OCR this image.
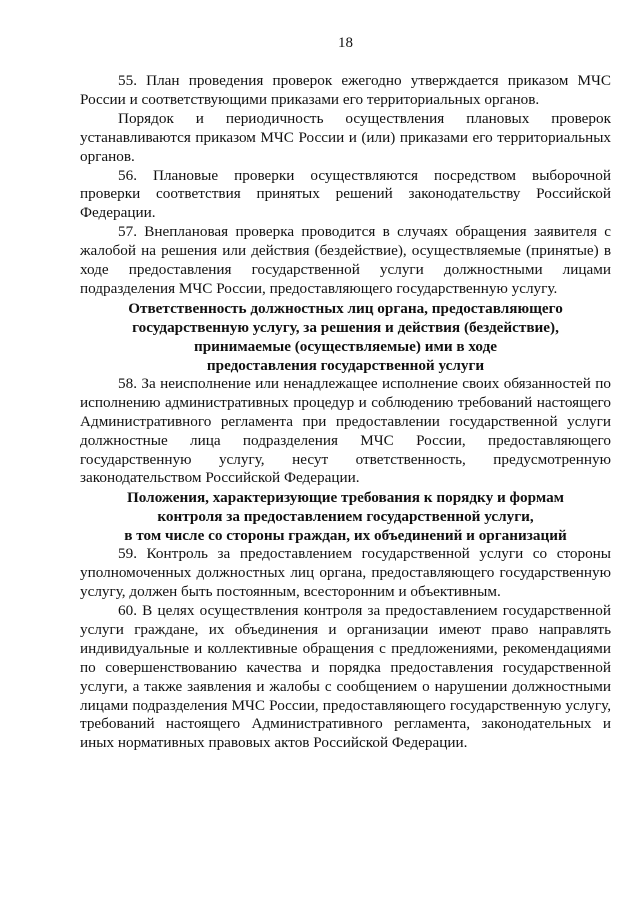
18

55. План проведения проверок ежегодно утверждается приказом МЧС России и соответствующими приказами его территориальных органов.

Порядок и периодичность осуществления плановых проверок устанавливаются приказом МЧС России и (или) приказами его территориальных органов.

56. Плановые проверки осуществляются посредством выборочной проверки соответствия принятых решений законодательству Российской Федерации.

57. Внеплановая проверка проводится в случаях обращения заявителя с жалобой на решения или действия (бездействие), осуществляемые (принятые) в ходе предоставления государственной услуги должностными лицами подразделения МЧС России, предоставляющего государственную услугу.

Ответственность должностных лиц органа, предоставляющего
государственную услугу, за решения и действия (бездействие),
принимаемые (осуществляемые) ими в ходе
предоставления государственной услуги

58. За неисполнение или ненадлежащее исполнение своих обязанностей по исполнению административных процедур и соблюдению требований настоящего Административного регламента при предоставлении государственной услуги должностные лица подразделения МЧС России, предоставляющего государственную услугу, несут ответственность, предусмотренную законодательством Российской Федерации.

Положения, характеризующие требования к порядку и формам
контроля за предоставлением государственной услуги,
в том числе со стороны граждан, их объединений и организаций

59. Контроль за предоставлением государственной услуги со стороны уполномоченных должностных лиц органа, предоставляющего государственную услугу, должен быть постоянным, всесторонним и объективным.

60. В целях осуществления контроля за предоставлением государственной услуги граждане, их объединения и организации имеют право направлять индивидуальные и коллективные обращения с предложениями, рекомендациями по совершенствованию качества и порядка предоставления государственной услуги, а также заявления и жалобы с сообщением о нарушении должностными лицами подразделения МЧС России, предоставляющего государственную услугу, требований настоящего Административного регламента, законодательных и иных нормативных правовых актов Российской Федерации.
